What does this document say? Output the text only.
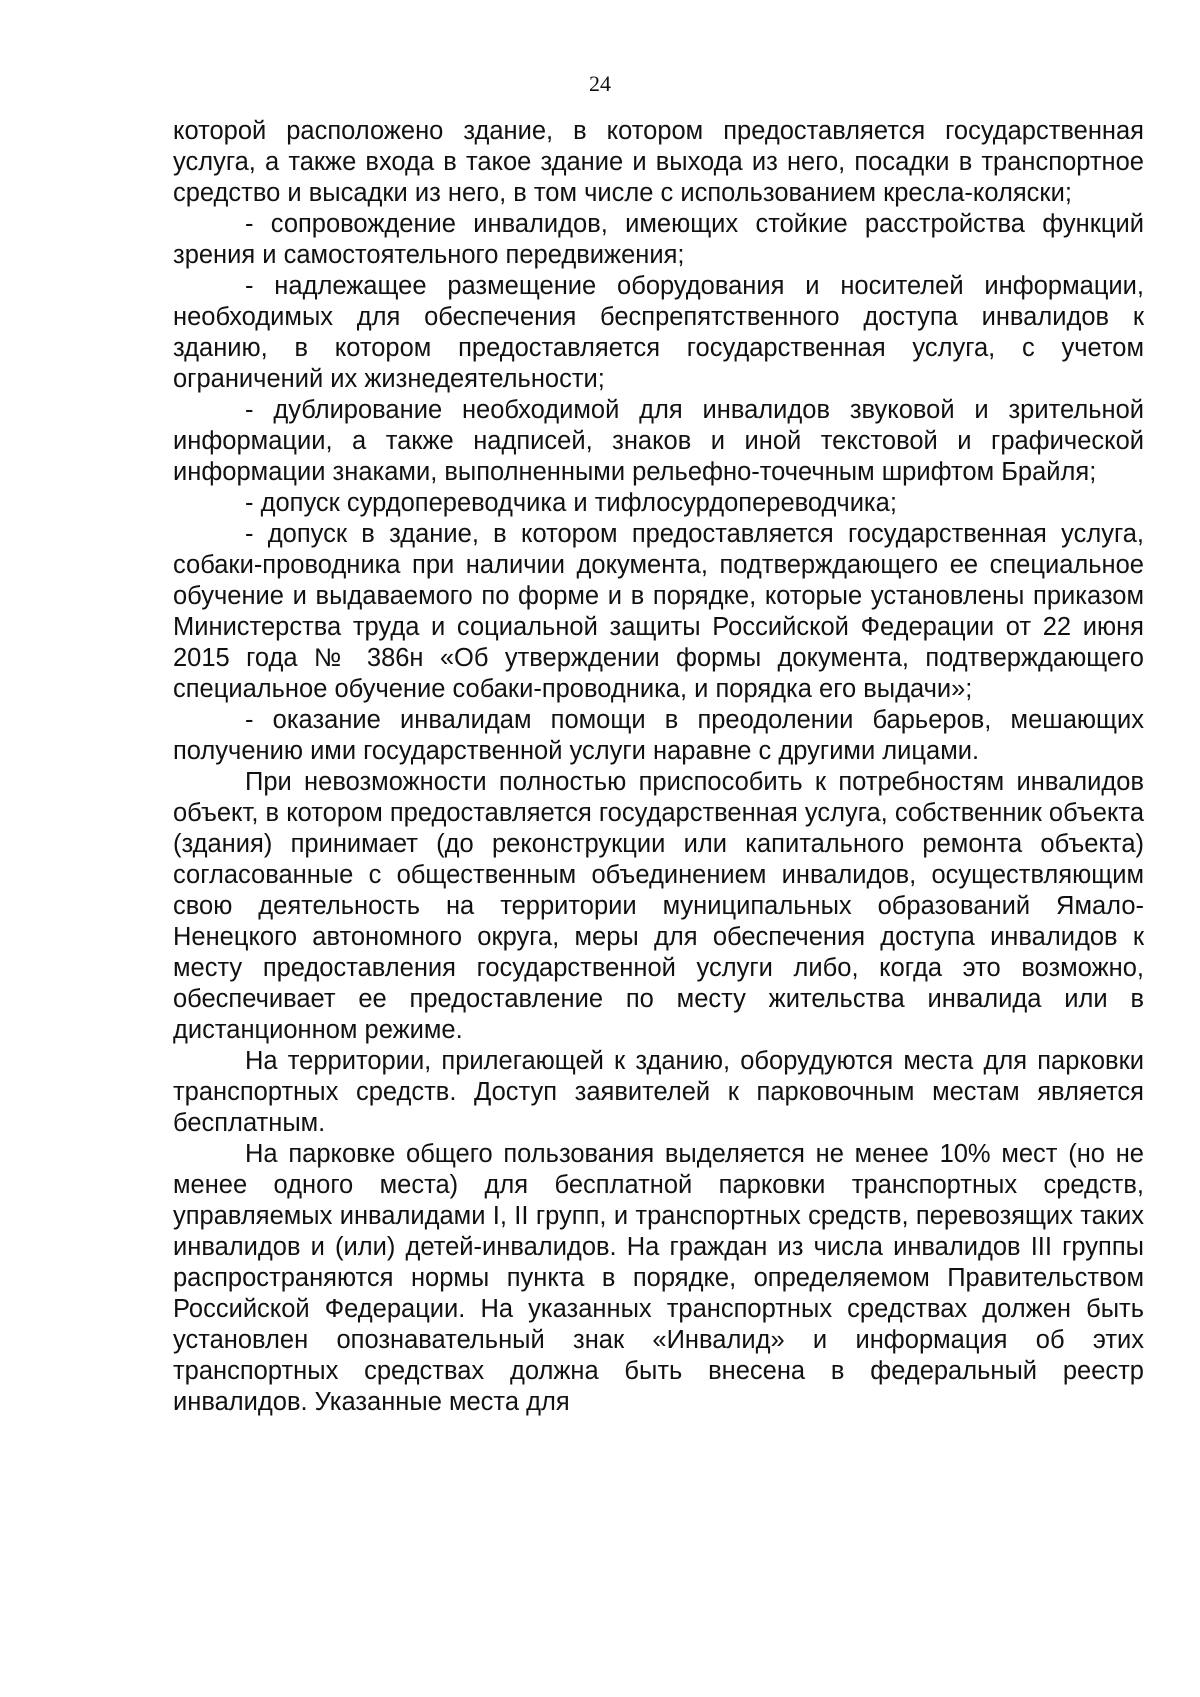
24

которой расположено здание, в котором предоставляется государственная услуга, а также входа в такое здание и выхода из него, посадки в транспортное средство и высадки из него, в том числе с использованием кресла-коляски;

- сопровождение инвалидов, имеющих стойкие расстройства функций зрения и самостоятельного передвижения;

- надлежащее размещение оборудования и носителей информации, необходимых для обеспечения беспрепятственного доступа инвалидов к зданию, в котором предоставляется государственная услуга, с учетом ограничений их жизнедеятельности;

- дублирование необходимой для инвалидов звуковой и зрительной информации, а также надписей, знаков и иной текстовой и графической информации знаками, выполненными рельефно-точечным шрифтом Брайля;

- допуск сурдопереводчика и тифлосурдопереводчика;

- допуск в здание, в котором предоставляется государственная услуга, собаки-проводника при наличии документа, подтверждающего ее специальное обучение и выдаваемого по форме и в порядке, которые установлены приказом Министерства труда и социальной защиты Российской Федерации от 22 июня 2015 года № 386н «Об утверждении формы документа, подтверждающего специальное обучение собаки-проводника, и порядка его выдачи»;

- оказание инвалидам помощи в преодолении барьеров, мешающих получению ими государственной услуги наравне с другими лицами.

При невозможности полностью приспособить к потребностям инвалидов объект, в котором предоставляется государственная услуга, собственник объекта (здания) принимает (до реконструкции или капитального ремонта объекта) согласованные с общественным объединением инвалидов, осуществляющим свою деятельность на территории муниципальных образований Ямало-Ненецкого автономного округа, меры для обеспечения доступа инвалидов к месту предоставления государственной услуги либо, когда это возможно, обеспечивает ее предоставление по месту жительства инвалида или в дистанционном режиме.

На территории, прилегающей к зданию, оборудуются места для парковки транспортных средств. Доступ заявителей к парковочным местам является бесплатным.

На парковке общего пользования выделяется не менее 10% мест (но не менее одного места) для бесплатной парковки транспортных средств, управляемых инвалидами I, II групп, и транспортных средств, перевозящих таких инвалидов и (или) детей-инвалидов. На граждан из числа инвалидов III группы распространяются нормы пункта в порядке, определяемом Правительством Российской Федерации. На указанных транспортных средствах должен быть установлен опознавательный знак «Инвалид» и информация об этих транспортных средствах должна быть внесена в федеральный реестр инвалидов. Указанные места для
